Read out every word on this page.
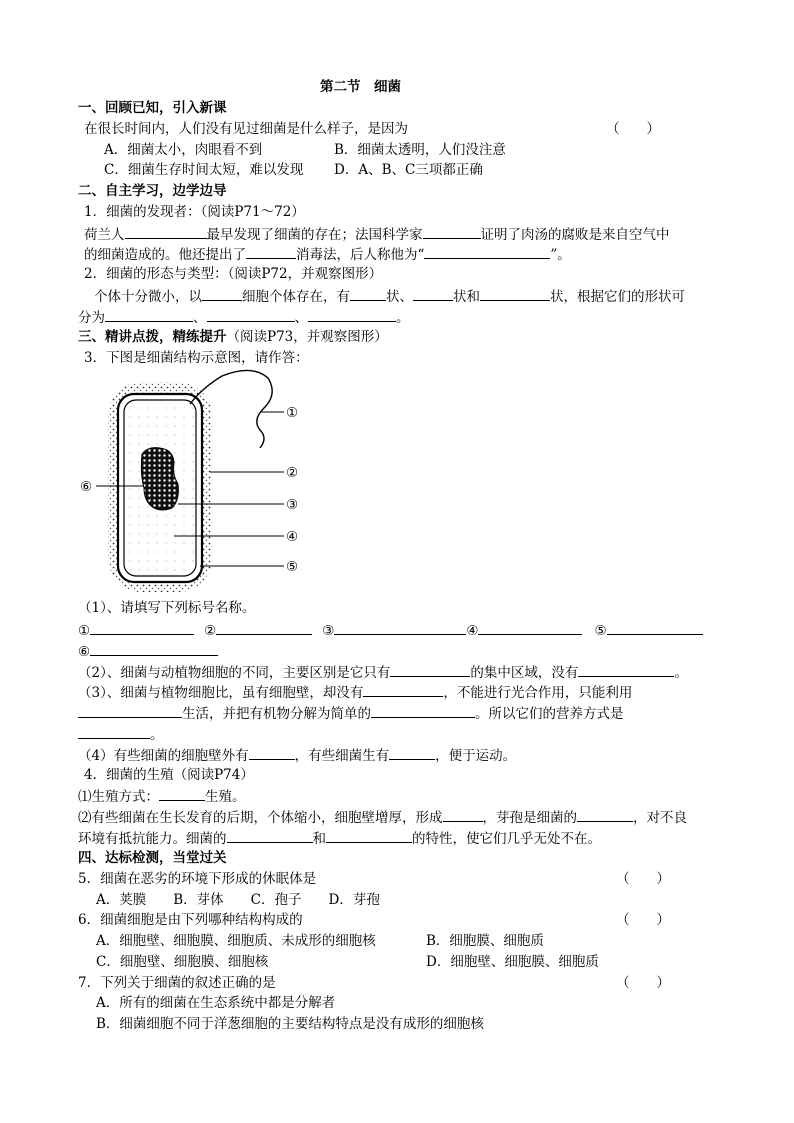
第二节　细菌
一、回顾已知，引入新课
在很长时间内，人们没有见过细菌是什么样子，是因为	（　　）
A．细菌太小，肉眼看不到	B．细菌太透明，人们没注意
C．细菌生存时间太短，难以发现 D．A、B、C三项都正确
二、自主学习，边学边导
1．细菌的发现者：（阅读P71～72）
荷兰人	最早发现了细菌的存在；法国科学家	证明了肉汤的腐败是来自空气中
的细菌造成的。他还提出了	消毒法，后人称他为“	”。
2．细菌的形态与类型：（阅读P72，并观察图形）
个体十分微小，以	细胞个体存在，有	状、	状和	状，根据它们的形状可
分为	、	、	。
三、精讲点拨，精练提升（阅读P73，并观察图形）
3．下图是细菌结构示意图，请作答：
①
②
③
④
⑤
⑥
（1）、请填写下列标号名称。
①	②	③	④	⑤
⑥
（2）、细菌与动植物细胞的不同，主要区别是它只有	的集中区域，没有	。
（3）、细菌与植物细胞比，虽有细胞壁，却没有	，不能进行光合作用，只能利用
生活，并把有机物分解为简单的	。所以它们的营养方式是
。
（4）有些细菌的细胞壁外有	，有些细菌生有	，便于运动。
4．细菌的生殖（阅读P74）
⑴生殖方式：	生殖。
⑵有些细菌在生长发育的后期，个体缩小，细胞壁增厚，形成	，芽孢是细菌的	，对不良
环境有抵抗能力。细菌的	和	的特性，使它们几乎无处不在。
四、达标检测，当堂过关
5．细菌在恶劣的环境下形成的休眠体是	（　　）
A．荚膜　　B．芽体　　C．孢子　　D．芽孢
6．细菌细胞是由下列哪种结构构成的	（　　）
A．细胞壁、细胞膜、细胞质、未成形的细胞核	B．细胞膜、细胞质
C．细胞壁、细胞膜、细胞核	D．细胞壁、细胞膜、细胞质
7．下列关于细菌的叙述正确的是	（　　）
A．所有的细菌在生态系统中都是分解者
B．细菌细胞不同于洋葱细胞的主要结构特点是没有成形的细胞核
